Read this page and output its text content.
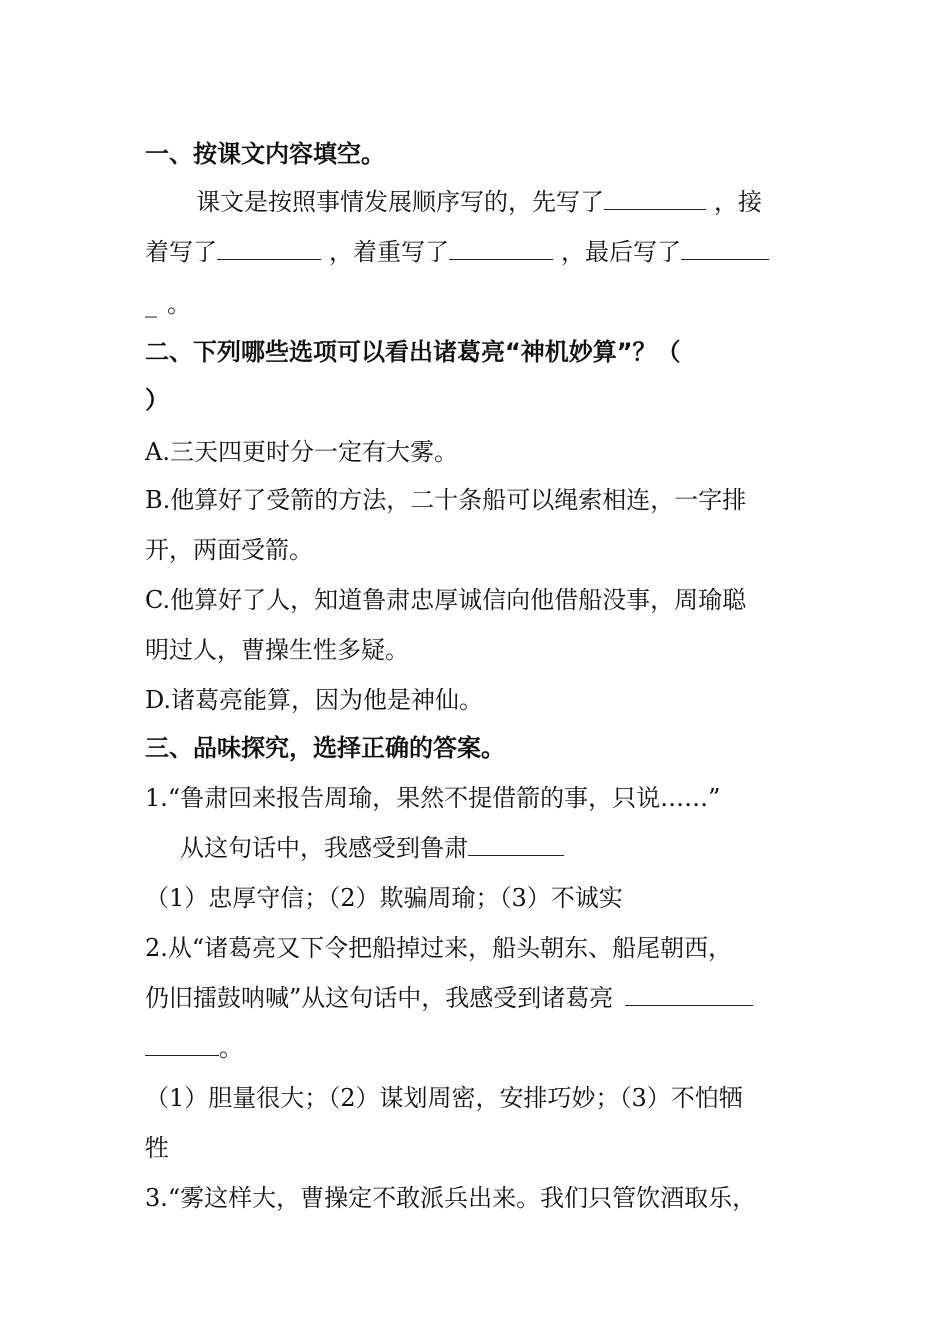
一、按课文内容填空。
课文是按照事情发展顺序写的，先写了	，接
着写了	，着重写了	，最后写了
_ 。
二、下列哪些选项可以看出诸葛亮“神机妙算”？（
）
A.三天四更时分一定有大雾。
B.他算好了受箭的方法，二十条船可以绳索相连，一字排
开，两面受箭。
C.他算好了人，知道鲁肃忠厚诚信向他借船没事，周瑜聪
明过人，曹操生性多疑。
D.诸葛亮能算，因为他是神仙。
三、品味探究，选择正确的答案。
1.“鲁肃回来报告周瑜，果然不提借箭的事，只说……”
从这句话中，我感受到鲁肃
（1）忠厚守信；（2）欺骗周瑜；（3）不诚实
2.从“诸葛亮又下令把船掉过来，船头朝东、船尾朝西，
仍旧擂鼓呐喊”从这句话中，我感受到诸葛亮
。
（1）胆量很大；（2）谋划周密，安排巧妙；（3）不怕牺
牲
3.“雾这样大，曹操定不敢派兵出来。我们只管饮酒取乐，
